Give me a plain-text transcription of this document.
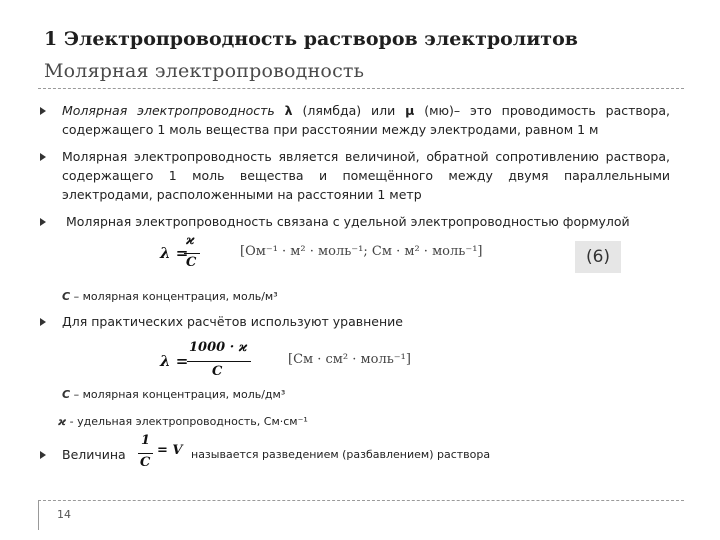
1 Электропроводность растворов электролитов
Молярная электропроводность
Молярная электропроводность λ (лямбда) или μ (мю)– это проводимость раствора, содержащего 1 моль вещества при расстоянии между электродами, равном 1 м
Молярная электропроводность является величиной, обратной сопротивлению раствора, содержащего 1 моль вещества и помещённого между двумя параллельными электродами, расположенными на расстоянии 1 метр
Молярная электропроводность связана с удельной электропроводностью формулой
λ =
ϰ
C
[Ом⁻¹ · м² · моль⁻¹; См · м² · моль⁻¹]	(6)
C – молярная концентрация, моль/м³
Для практических расчётов используют уравнение
λ =
1000 · ϰ
C
[См · см² · моль⁻¹]
C – молярная концентрация, моль/дм³
ϰ - удельная электропроводность, См·см⁻¹
Величина
1
C
= V называется разведением (разбавлением) раствора
14
